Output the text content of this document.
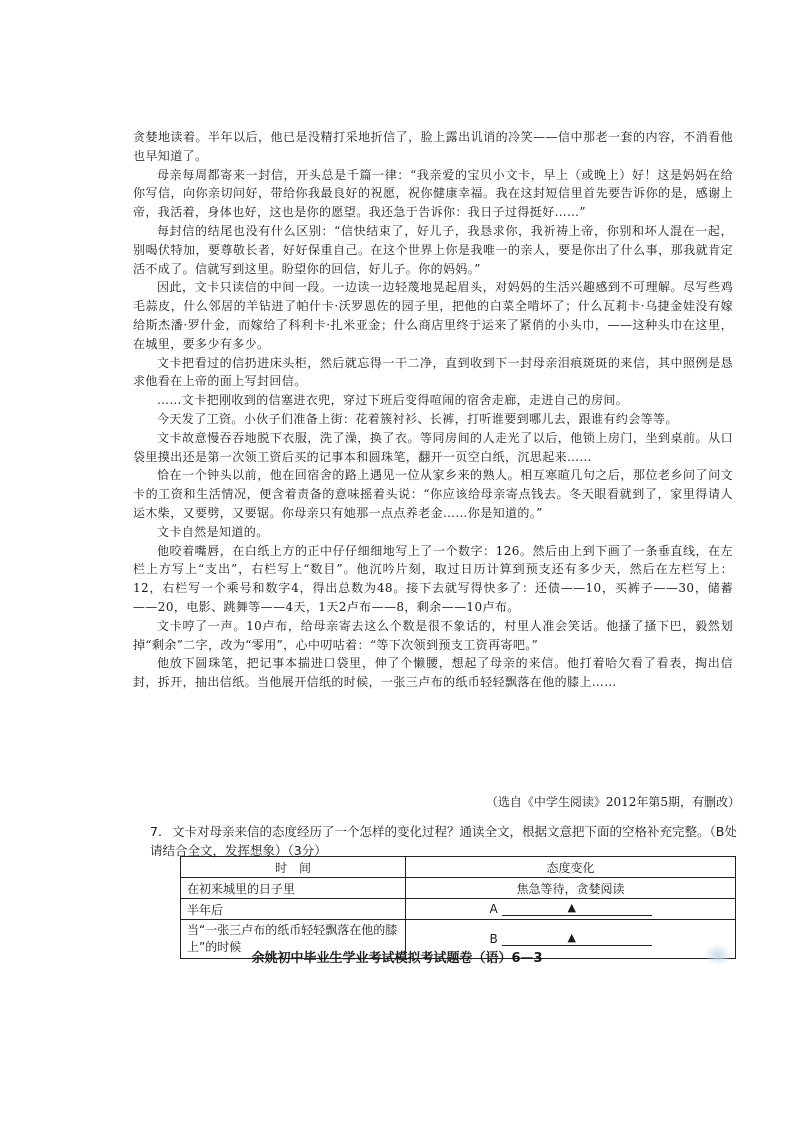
贪婪地读着。半年以后，他已是没精打采地折信了，脸上露出讥诮的冷笑——信中那老一套的内容，不消看他也早知道了。

母亲每周都寄来一封信，开头总是千篇一律：“我亲爱的宝贝小文卡，早上（或晚上）好！这是妈妈在给你写信，向你亲切问好，带给你我最良好的祝愿，祝你健康幸福。我在这封短信里首先要告诉你的是，感谢上帝，我活着，身体也好，这也是你的愿望。我还急于告诉你：我日子过得挺好……”

每封信的结尾也没有什么区别：“信快结束了，好儿子，我恳求你，我祈祷上帝，你别和坏人混在一起，别喝伏特加，要尊敬长者，好好保重自己。在这个世界上你是我唯一的亲人，要是你出了什么事，那我就肯定活不成了。信就写到这里。盼望你的回信，好儿子。你的妈妈。”

因此，文卡只读信的中间一段。一边读一边轻蔑地晃起眉头，对妈妈的生活兴趣感到不可理解。尽写些鸡毛蒜皮，什么邻居的羊钻进了帕什卡·沃罗恩佐的园子里，把他的白菜全啃坏了；什么瓦莉卡·乌捷金娃没有嫁给斯杰潘·罗什金，而嫁给了科利卡·扎米亚金；什么商店里终于运来了紧俏的小头巾，——这种头巾在这里，在城里，要多少有多少。

文卡把看过的信扔进床头柜，然后就忘得一干二净，直到收到下一封母亲泪痕斑斑的来信，其中照例是恳求他看在上帝的面上写封回信。

……文卡把刚收到的信塞进衣兜，穿过下班后变得喧闹的宿舍走廊，走进自己的房间。

今天发了工资。小伙子们准备上街：花着簇衬衫、长裤，打听谁要到哪儿去，跟谁有约会等等。

文卡故意慢吞吞地脱下衣服，洗了澡，换了衣。等同房间的人走光了以后，他锁上房门，坐到桌前。从口袋里摸出还是第一次领工资后买的记事本和圆珠笔，翻开一页空白纸，沉思起来……

恰在一个钟头以前，他在回宿舍的路上遇见一位从家乡来的熟人。相互寒暄几句之后，那位老乡问了问文卡的工资和生活情况，便含着责备的意味摇着头说：“你应该给母亲寄点钱去。冬天眼看就到了，家里得请人运木柴，又要劈，又要锯。你母亲只有她那一点点养老金……你是知道的。”

文卡自然是知道的。

他咬着嘴唇，在白纸上方的正中仔仔细细地写上了一个数字：126。然后由上到下画了一条垂直线，在左栏上方写上“支出”，右栏写上“数目”。他沉吟片刻，取过日历计算到预支还有多少天，然后在左栏写上：12，右栏写一个乘号和数字4，得出总数为48。接下去就写得快多了：还债——10，买裤子——30，储蓄——20，电影、跳舞等——4天，1天2卢布——8，剩余——10卢布。

文卡哼了一声。10卢布，给母亲寄去这么个数是很不象话的，村里人准会笑话。他搔了搔下巴，毅然划掉“剩余”二字，改为“零用”，心中叨咕着：“等下次领到预支工资再寄吧。”

他放下圆珠笔，把记事本揣进口袋里，伸了个懒腰，想起了母亲的来信。他打着哈欠看了看表，掏出信封，拆开，抽出信纸。当他展开信纸的时候，一张三卢布的纸币轻轻飘落在他的膝上……

（选自《中学生阅读》2012年第5期，有删改）
7. 文卡对母亲来信的态度经历了一个怎样的变化过程？通读全文，根据文意把下面的空格补充完整。（B处请结合全文，发挥想象）（3分）
时　间	态度变化
在初来城里的日子里	焦急等待，贪婪阅读
半年后	A ▲

当“一张三卢布的纸币轻轻飘落在他的膝上”的时候	B ▲
余姚初中毕业生学业考试模拟考试题卷（语）6—3
